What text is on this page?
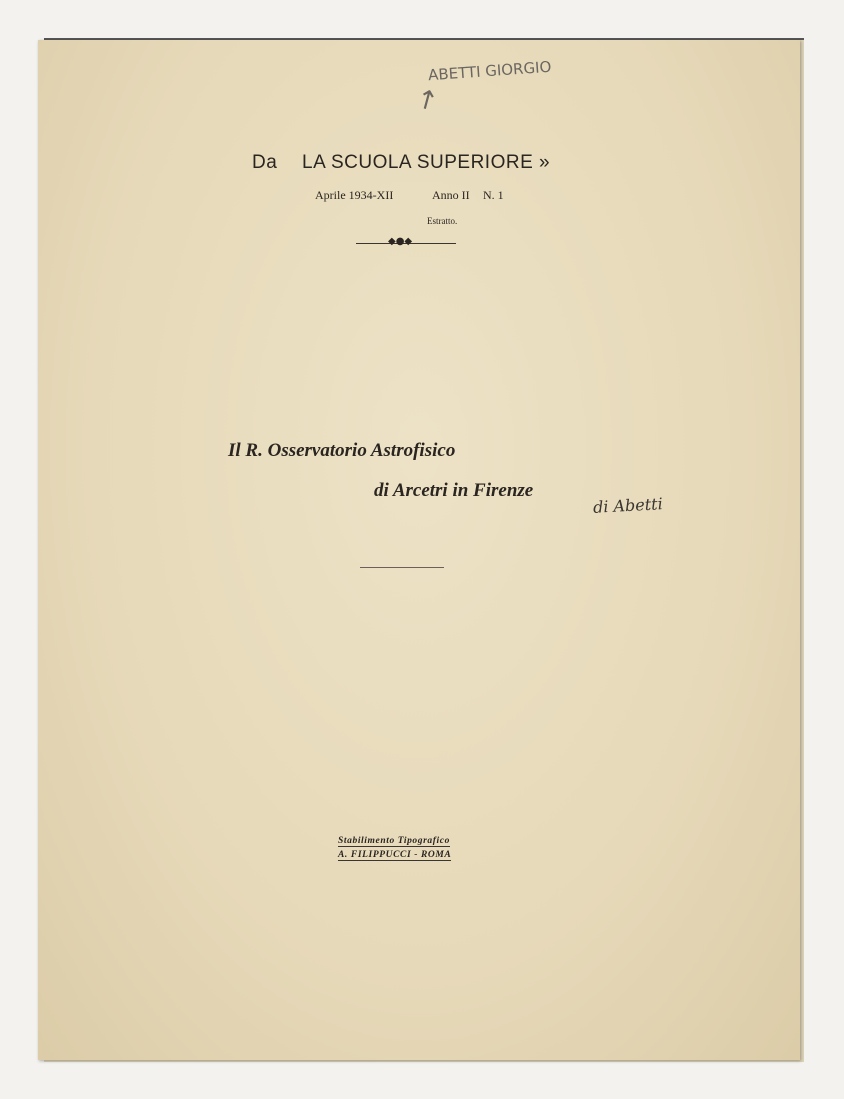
ABETTI GIORGIO
↑
Da LA SCUOLA SUPERIORE »
Aprile 1934-XII	Anno II N. 1
Estratto.
◆●◆
Il R. Osservatorio Astrofisico
di Arcetri in Firenze
di Abetti
Stabilimento Tipografico
A. FILIPPUCCI - ROMA
